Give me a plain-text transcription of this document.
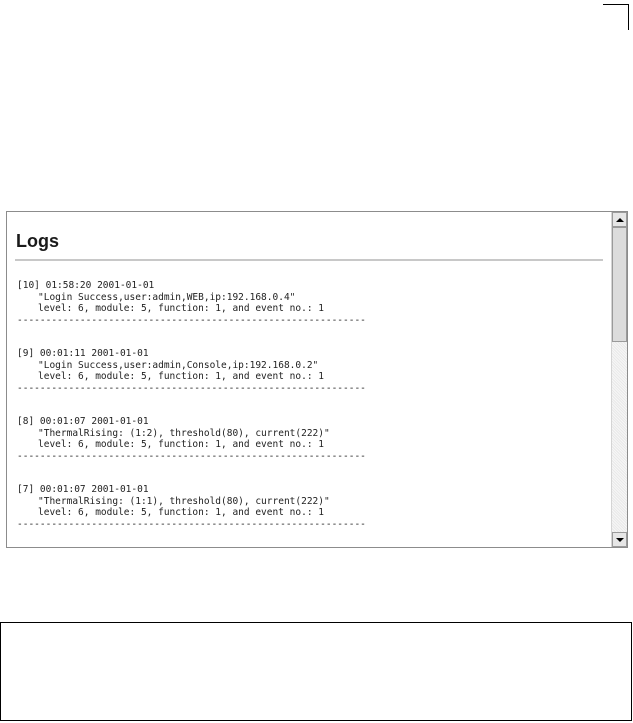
Logs
[10] 01:58:20 2001-01-01
"Login Success,user:admin,WEB,ip:192.168.0.4"
level: 6, module: 5, function: 1, and event no.: 1
-------------------------------------------------------------
[9] 00:01:11 2001-01-01
"Login Success,user:admin,Console,ip:192.168.0.2"
level: 6, module: 5, function: 1, and event no.: 1
-------------------------------------------------------------
[8] 00:01:07 2001-01-01
"ThermalRising: (1:2), threshold(80), current(222)"
level: 6, module: 5, function: 1, and event no.: 1
-------------------------------------------------------------
[7] 00:01:07 2001-01-01
"ThermalRising: (1:1), threshold(80), current(222)"
level: 6, module: 5, function: 1, and event no.: 1
-------------------------------------------------------------
